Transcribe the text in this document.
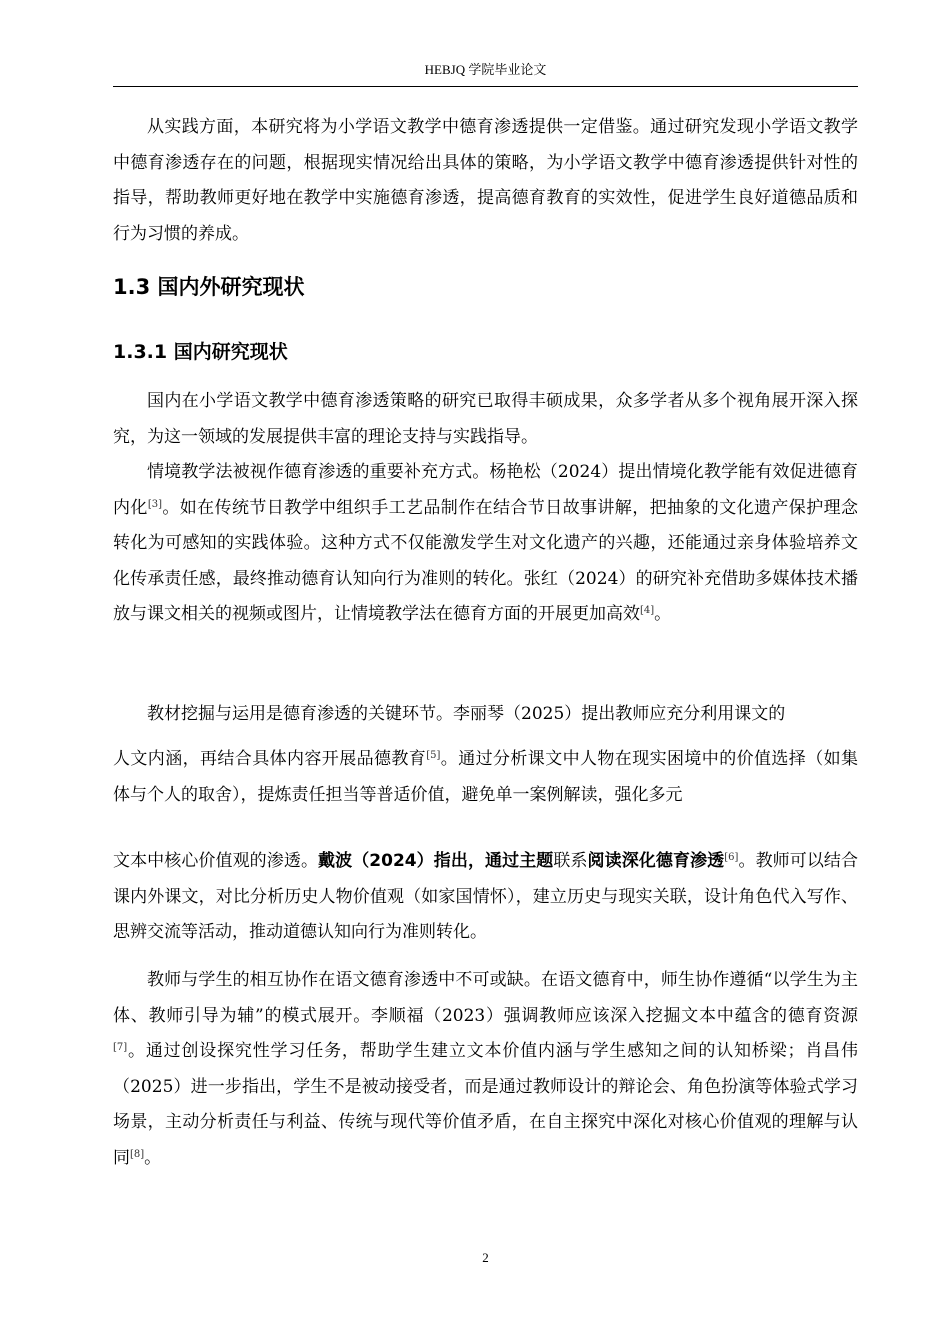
HEBJQ 学院毕业论文

从实践方面，本研究将为小学语文教学中德育渗透提供一定借鉴。通过研究发现小学语文教学中德育渗透存在的问题，根据现实情况给出具体的策略，为小学语文教学中德育渗透提供针对性的指导，帮助教师更好地在教学中实施德育渗透，提高德育教育的实效性，促进学生良好道德品质和行为习惯的养成。

1.3 国内外研究现状
1.3.1 国内研究现状

国内在小学语文教学中德育渗透策略的研究已取得丰硕成果，众多学者从多个视角展开深入探究，为这一领域的发展提供丰富的理论支持与实践指导。

情境教学法被视作德育渗透的重要补充方式。杨艳松（2024）提出情境化教学能有效促进德育内化[3]。如在传统节日教学中组织手工艺品制作在结合节日故事讲解，把抽象的文化遗产保护理念转化为可感知的实践体验。这种方式不仅能激发学生对文化遗产的兴趣，还能通过亲身体验培养文化传承责任感，最终推动德育认知向行为准则的转化。张红（2024）的研究补充借助多媒体技术播放与课文相关的视频或图片，让情境教学法在德育方面的开展更加高效[4]。

教材挖掘与运用是德育渗透的关键环节。李丽琴（2025）提出教师应充分利用课文的

人文内涵，再结合具体内容开展品德教育[5]。通过分析课文中人物在现实困境中的价值选择（如集体与个人的取舍），提炼责任担当等普适价值，避免单一案例解读，强化多元

文本中核心价值观的渗透。戴波（2024）指出，通过主题联系阅读深化德育渗透[6]。教师可以结合课内外课文，对比分析历史人物价值观（如家国情怀），建立历史与现实关联，设计角色代入写作、思辨交流等活动，推动道德认知向行为准则转化。

教师与学生的相互协作在语文德育渗透中不可或缺。在语文德育中，师生协作遵循“以学生为主体、教师引导为辅”的模式展开。李顺福（2023）强调教师应该深入挖掘文本中蕴含的德育资源[7]。通过创设探究性学习任务，帮助学生建立文本价值内涵与学生感知之间的认知桥梁；肖昌伟（2025）进一步指出，学生不是被动接受者，而是通过教师设计的辩论会、角色扮演等体验式学习场景，主动分析责任与利益、传统与现代等价值矛盾，在自主探究中深化对核心价值观的理解与认同[8]。

2
